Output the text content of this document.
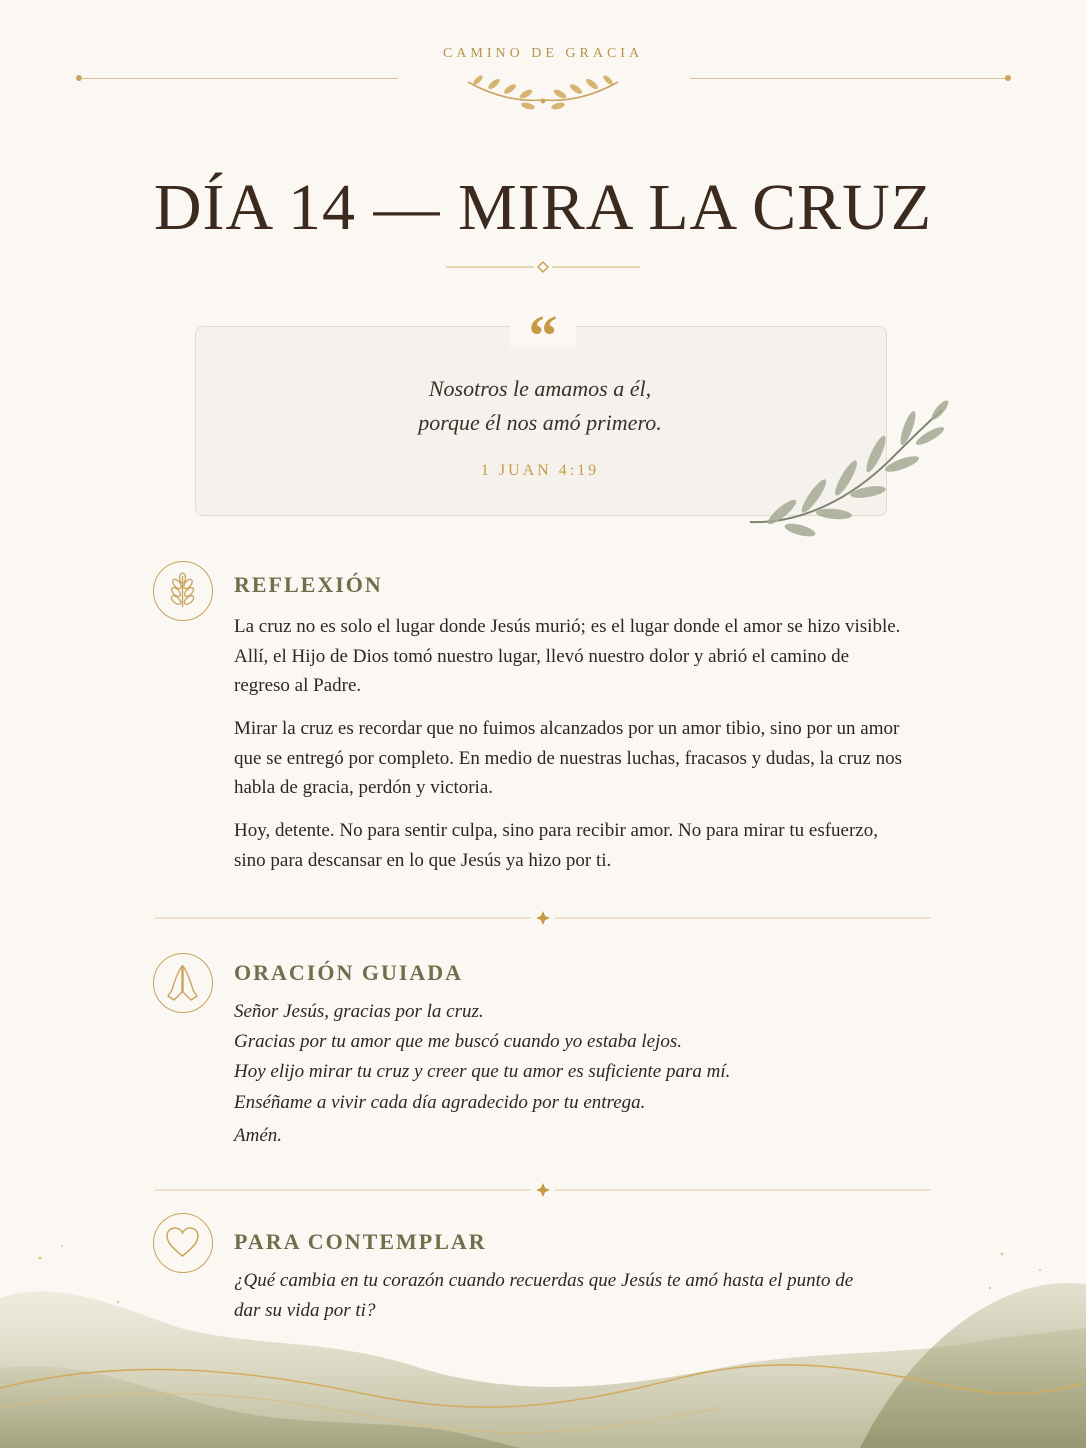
CAMINO DE GRACIA
DÍA 14 — MIRA LA CRUZ
“
Nosotros le amamos a él,
porque él nos amó primero.
1 JUAN 4:19
REFLEXIÓN
La cruz no es solo el lugar donde Jesús murió; es el lugar donde el amor se hizo visible. Allí, el Hijo de Dios tomó nuestro lugar, llevó nuestro dolor y abrió el camino de regreso al Padre.
Mirar la cruz es recordar que no fuimos alcanzados por un amor tibio, sino por un amor que se entregó por completo. En medio de nuestras luchas, fracasos y dudas, la cruz nos habla de gracia, perdón y victoria.
Hoy, detente. No para sentir culpa, sino para recibir amor. No para mirar tu esfuerzo, sino para descansar en lo que Jesús ya hizo por ti.
ORACIÓN GUIADA
Señor Jesús, gracias por la cruz.
Gracias por tu amor que me buscó cuando yo estaba lejos.
Hoy elijo mirar tu cruz y creer que tu amor es suficiente para mí.
Enséñame a vivir cada día agradecido por tu entrega.
Amén.
PARA CONTEMPLAR
¿Qué cambia en tu corazón cuando recuerdas que Jesús te amó hasta el punto de dar su vida por ti?
